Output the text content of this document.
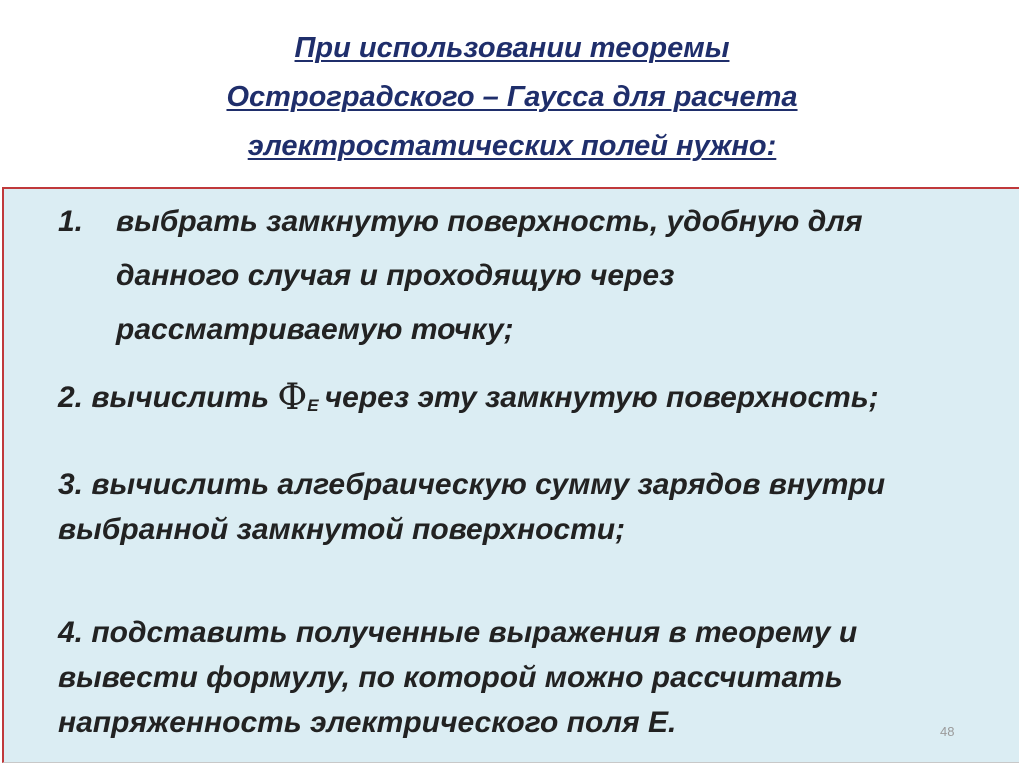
При использовании теоремы
Остроградского – Гаусса для расчета
электростатических полей нужно:
1. выбрать замкнутую поверхность, удобную для
данного случая и проходящую через
рассматриваемую точку;
2. вычислить $Ф_E$ через эту замкнутую поверхность;
3. вычислить алгебраическую сумму зарядов внутри
выбранной замкнутой поверхности;
4. подставить полученные выражения в теорему и
вывести формулу, по которой можно рассчитать
напряженность электрического поля Е.	48
